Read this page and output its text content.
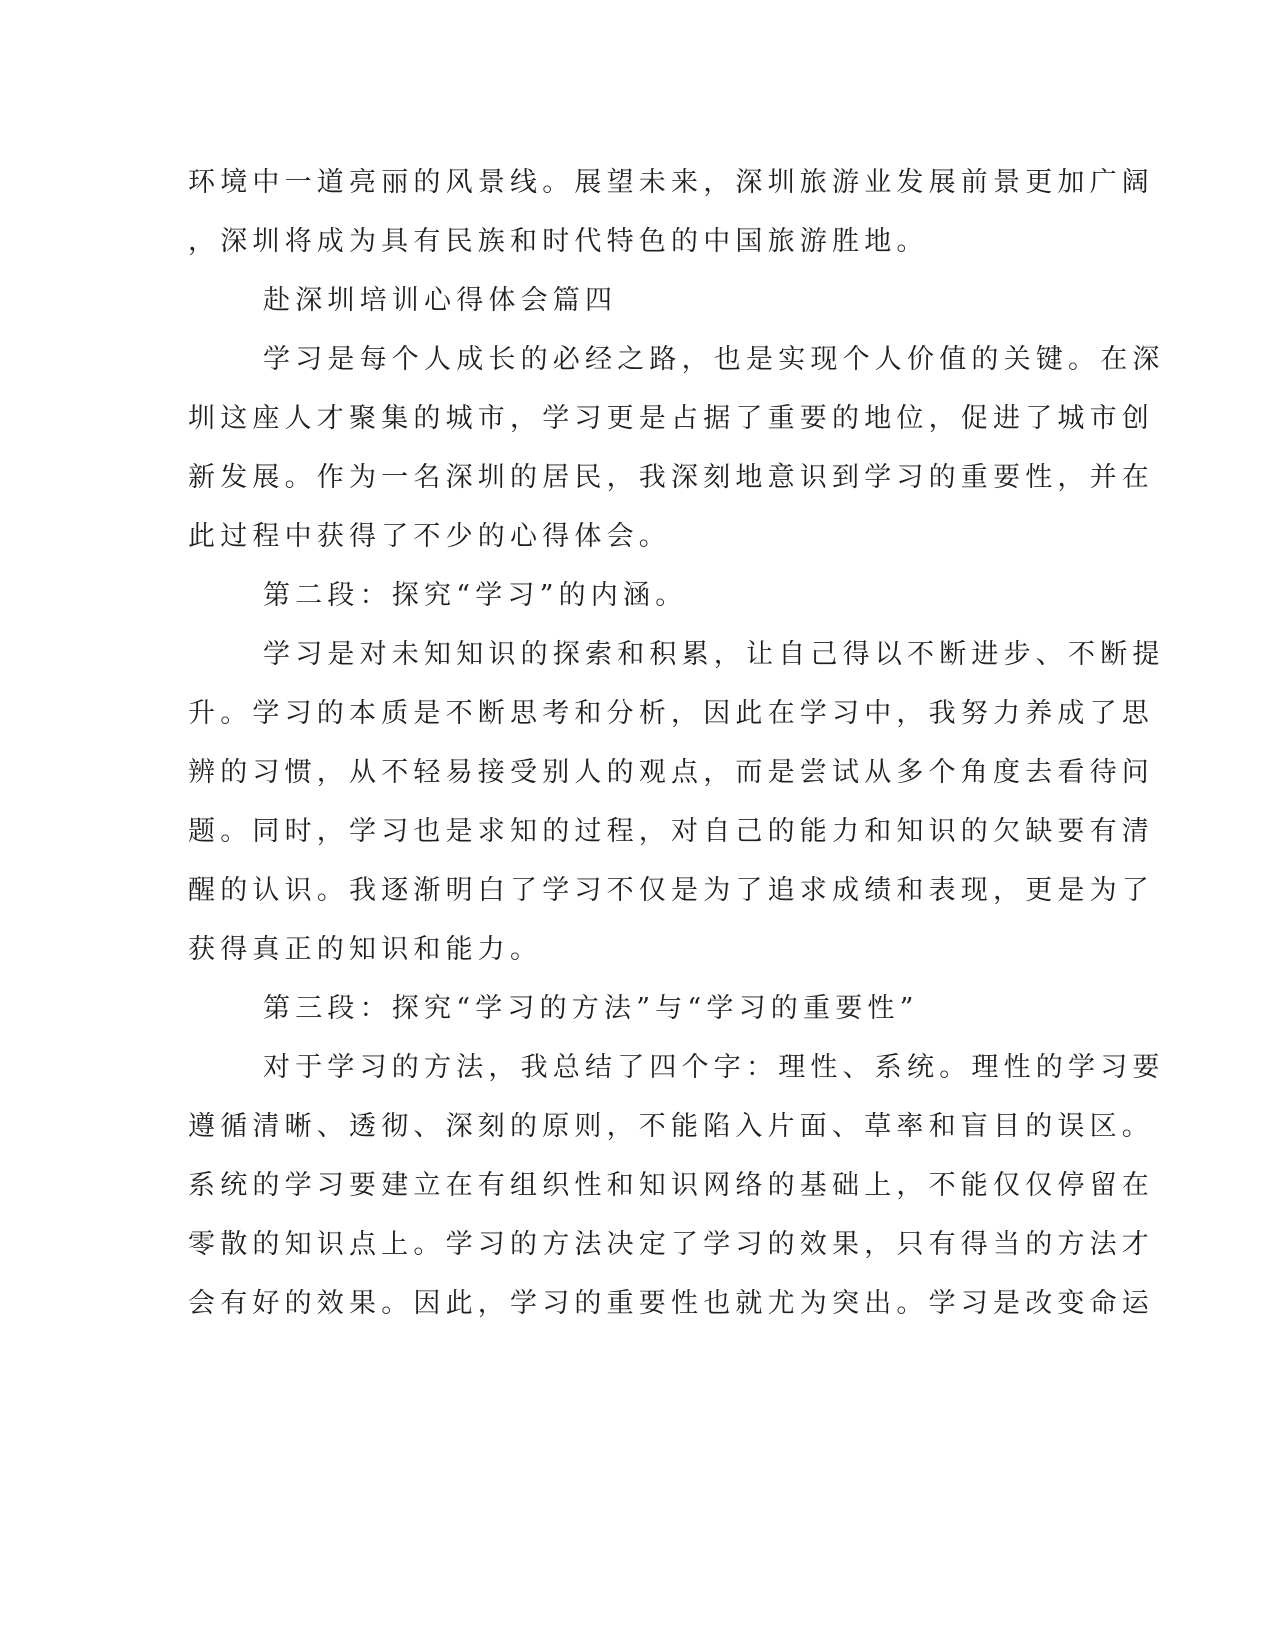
环境中一道亮丽的风景线。展望未来，深圳旅游业发展前景更加广阔
，深圳将成为具有民族和时代特色的中国旅游胜地。
赴深圳培训心得体会篇四
学习是每个人成长的必经之路，也是实现个人价值的关键。在深
圳这座人才聚集的城市，学习更是占据了重要的地位，促进了城市创
新发展。作为一名深圳的居民，我深刻地意识到学习的重要性，并在
此过程中获得了不少的心得体会。
第二段：探究“学习”的内涵。
学习是对未知知识的探索和积累，让自己得以不断进步、不断提
升。学习的本质是不断思考和分析，因此在学习中，我努力养成了思
辨的习惯，从不轻易接受别人的观点，而是尝试从多个角度去看待问
题。同时，学习也是求知的过程，对自己的能力和知识的欠缺要有清
醒的认识。我逐渐明白了学习不仅是为了追求成绩和表现，更是为了
获得真正的知识和能力。
第三段：探究“学习的方法”与“学习的重要性”
对于学习的方法，我总结了四个字：理性、系统。理性的学习要
遵循清晰、透彻、深刻的原则，不能陷入片面、草率和盲目的误区。
系统的学习要建立在有组织性和知识网络的基础上，不能仅仅停留在
零散的知识点上。学习的方法决定了学习的效果，只有得当的方法才
会有好的效果。因此，学习的重要性也就尤为突出。学习是改变命运
